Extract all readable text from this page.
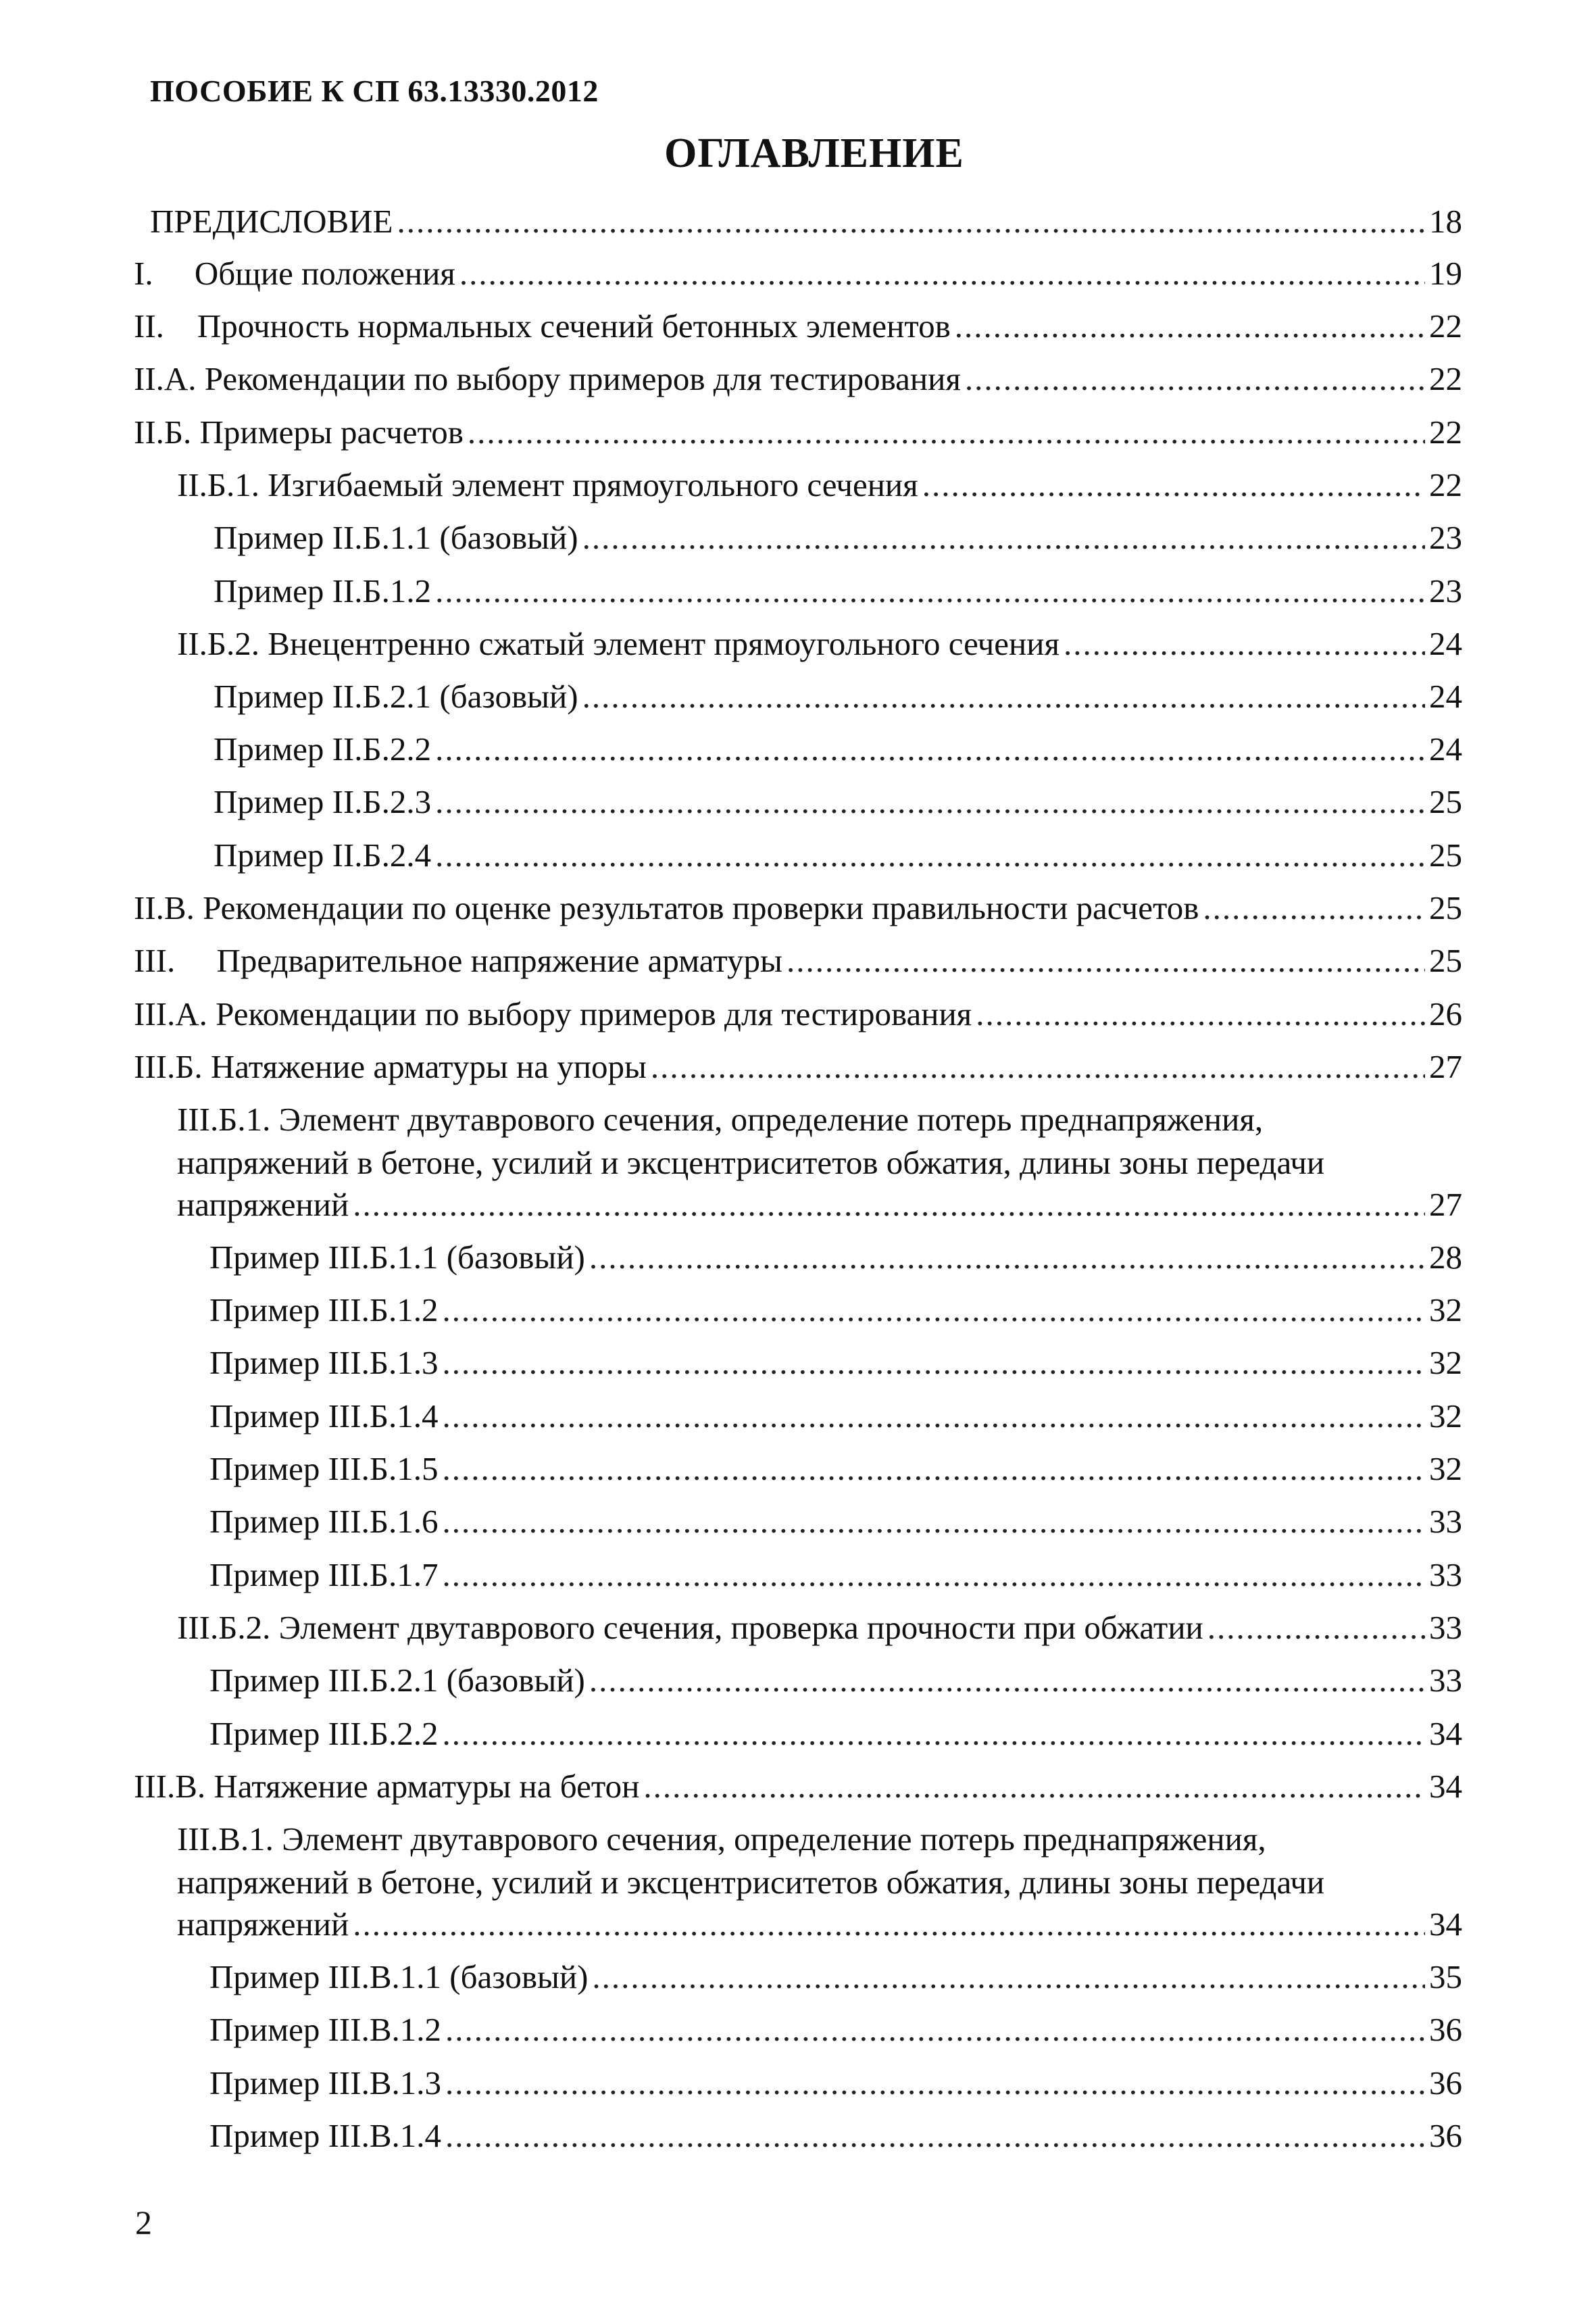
ПОСОБИЕ К СП 63.13330.2012
ОГЛАВЛЕНИЕ
ПРЕДИСЛОВИЕ .....	18
I.     Общие положения .....	19
II.    Прочность нормальных сечений бетонных элементов .....	22
II.А. Рекомендации по выбору примеров для тестирования .....	22
II.Б. Примеры расчетов .....	22
II.Б.1. Изгибаемый элемент прямоугольного сечения .....	22
Пример II.Б.1.1 (базовый) .....	23
Пример II.Б.1.2 .....	23
II.Б.2. Внецентренно сжатый элемент прямоугольного сечения .....	24
Пример II.Б.2.1 (базовый) .....	24
Пример II.Б.2.2 .....	24
Пример II.Б.2.3 .....	25
Пример II.Б.2.4 .....	25
II.В. Рекомендации по оценке результатов проверки правильности расчетов .....	25
III.     Предварительное напряжение арматуры .....	25
III.А. Рекомендации по выбору примеров для тестирования .....	26
III.Б. Натяжение арматуры на упоры .....	27
III.Б.1. Элемент двутаврового сечения, определение потерь преднапряжения,
напряжений в бетоне, усилий и эксцентриситетов обжатия, длины зоны передачи
напряжений .....	27
Пример III.Б.1.1 (базовый) .....	28
Пример III.Б.1.2 .....	32
Пример III.Б.1.3 .....	32
Пример III.Б.1.4 .....	32
Пример III.Б.1.5 .....	32
Пример III.Б.1.6 .....	33
Пример III.Б.1.7 .....	33
III.Б.2. Элемент двутаврового сечения, проверка прочности при обжатии .....	33
Пример III.Б.2.1 (базовый) .....	33
Пример III.Б.2.2 .....	34
III.В. Натяжение арматуры на бетон .....	34
III.В.1. Элемент двутаврового сечения, определение потерь преднапряжения,
напряжений в бетоне, усилий и эксцентриситетов обжатия, длины зоны передачи
напряжений .....	34
Пример III.В.1.1 (базовый) .....	35
Пример III.В.1.2 .....	36
Пример III.В.1.3 .....	36
Пример III.В.1.4 .....	36
2
